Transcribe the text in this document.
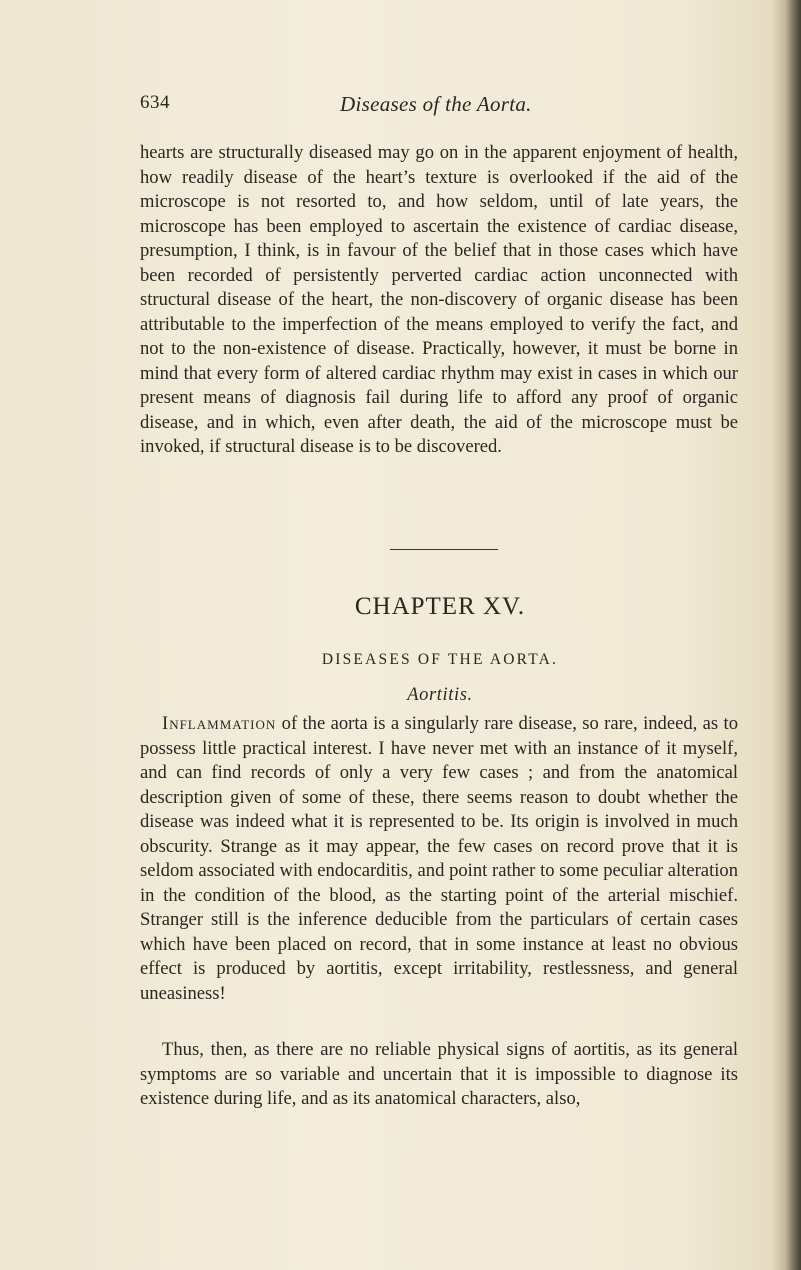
634	Diseases of the Aorta.
hearts are structurally diseased may go on in the apparent enjoyment of health, how readily disease of the heart’s texture is overlooked if the aid of the microscope is not resorted to, and how seldom, until of late years, the microscope has been employed to ascertain the existence of cardiac disease, presumption, I think, is in favour of the belief that in those cases which have been recorded of persistently perverted cardiac action unconnected with structural disease of the heart, the non-discovery of organic disease has been attributable to the imperfection of the means employed to verify the fact, and not to the non-existence of disease. Practically, however, it must be borne in mind that every form of altered cardiac rhythm may exist in cases in which our present means of diagnosis fail during life to afford any proof of organic disease, and in which, even after death, the aid of the microscope must be invoked, if structural disease is to be discovered.
CHAPTER XV.
DISEASES OF THE AORTA.
Aortitis.
Inflammation of the aorta is a singularly rare disease, so rare, indeed, as to possess little practical interest. I have never met with an instance of it myself, and can find records of only a very few cases ; and from the anatomical description given of some of these, there seems reason to doubt whether the disease was indeed what it is represented to be. Its origin is involved in much obscurity. Strange as it may appear, the few cases on record prove that it is seldom associated with endocarditis, and point rather to some peculiar alteration in the condition of the blood, as the starting point of the arterial mischief. Stranger still is the inference deducible from the particulars of certain cases which have been placed on record, that in some instance at least no obvious effect is produced by aortitis, except irritability, restlessness, and general uneasiness!
Thus, then, as there are no reliable physical signs of aortitis, as its general symptoms are so variable and uncertain that it is impossible to diagnose its existence during life, and as its anatomical characters, also,
